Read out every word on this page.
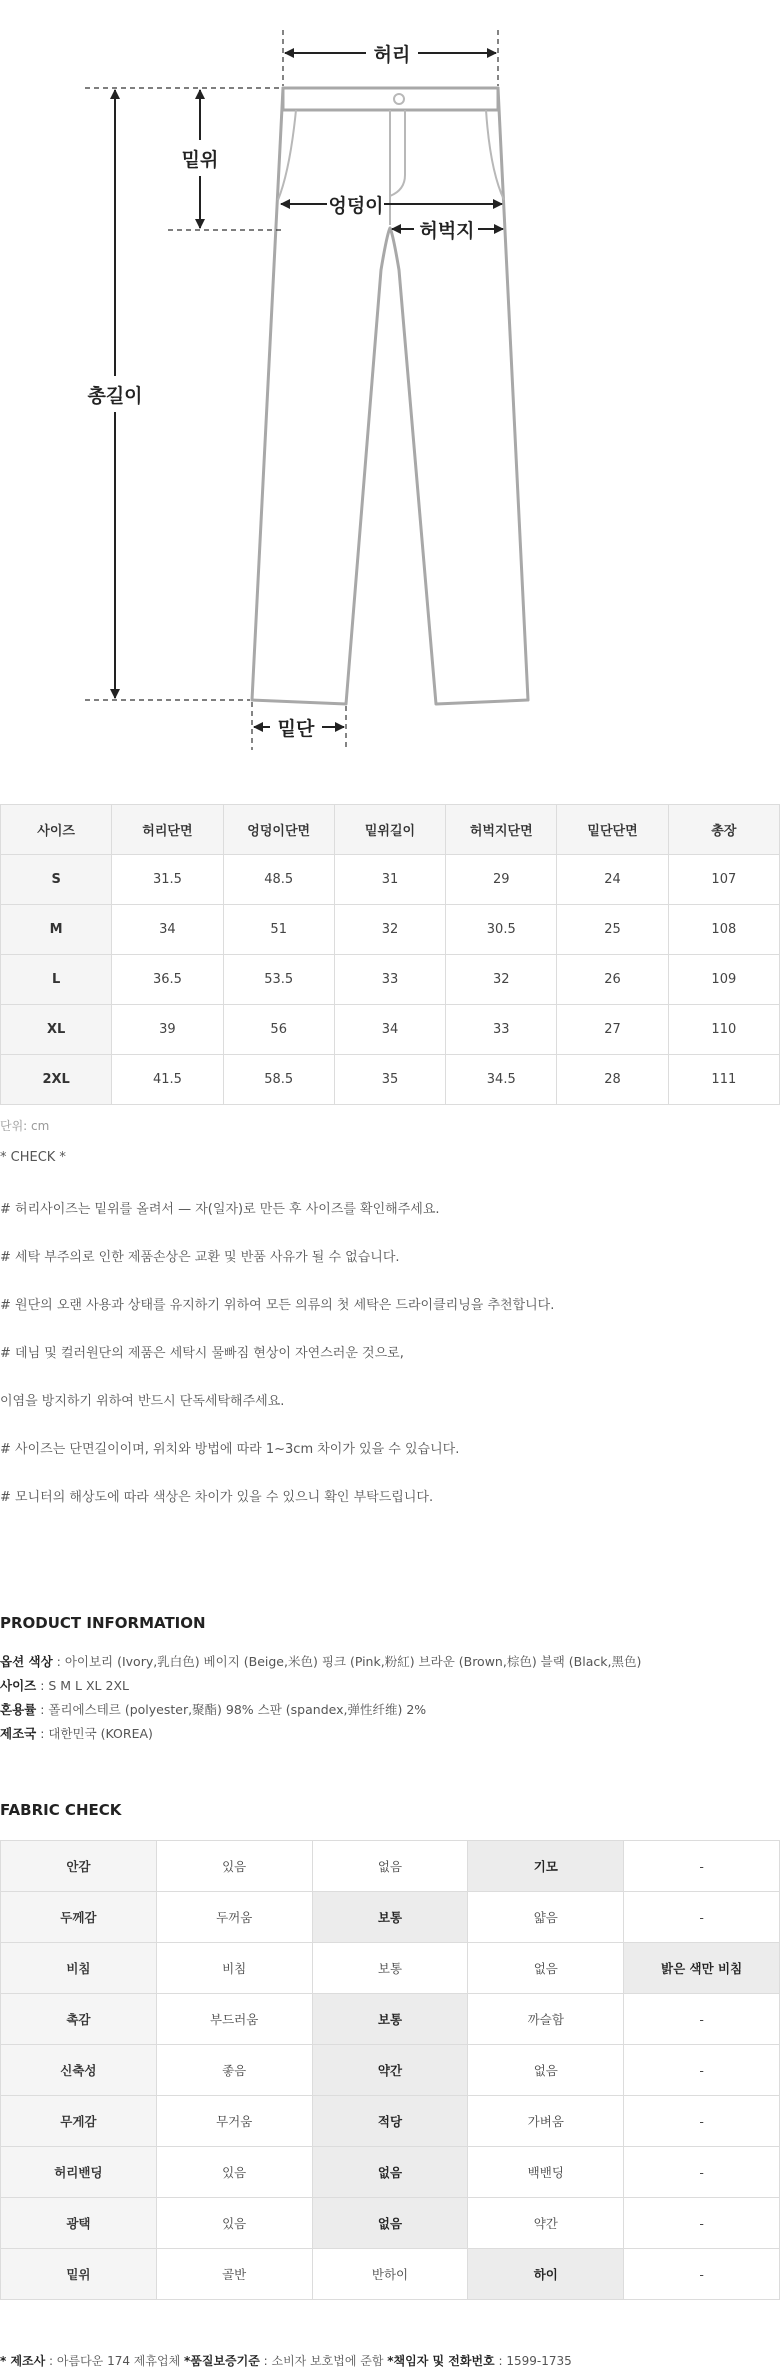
허리
밑위
엉덩이
허벅지
총길이
밑단
사이즈	허리단면	엉덩이단면	밑위길이	허벅지단면	밑단단면	총장
S	31.5	48.5	31	29	24	107
M	34	51	32	30.5	25	108
L	36.5	53.5	33	32	26	109
XL	39	56	34	33	27	110
2XL	41.5	58.5	35	34.5	28	111
단위: cm

* CHECK *

# 허리사이즈는 밑위를 올려서 — 자(일자)로 만든 후 사이즈를 확인해주세요.

# 세탁 부주의로 인한 제품손상은 교환 및 반품 사유가 될 수 없습니다.

# 원단의 오랜 사용과 상태를 유지하기 위하여 모든 의류의 첫 세탁은 드라이클리닝을 추천합니다.

# 데님 및 컬러원단의 제품은 세탁시 물빠짐 현상이 자연스러운 것으로,

이염을 방지하기 위하여 반드시 단독세탁해주세요.

# 사이즈는 단면길이이며, 위치와 방법에 따라 1~3cm 차이가 있을 수 있습니다.

# 모니터의 해상도에 따라 색상은 차이가 있을 수 있으니 확인 부탁드립니다.

PRODUCT INFORMATION

옵션 색상 : 아이보리 (Ivory,乳白色) 베이지 (Beige,米色) 핑크 (Pink,粉紅) 브라운 (Brown,棕色) 블랙 (Black,黑色)

사이즈 : S M L XL 2XL

혼용률 : 폴리에스테르 (polyester,聚酯) 98% 스판 (spandex,弹性纤维) 2%

제조국 : 대한민국 (KOREA)

FABRIC CHECK
안감	있음	없음	기모	-
두께감	두꺼움	보통	얇음	-
비침	비침	보통	없음	밝은 색만 비침
촉감	부드러움	보통	까슬함	-
신축성	좋음	약간	없음	-
무게감	무거움	적당	가벼움	-
허리밴딩	있음	없음	백밴딩	-
광택	있음	없음	약간	-
밑위	골반	반하이	하이	-
* 제조사 : 아름다운 174 제휴업체 *품질보증기준 : 소비자 보호법에 준함 *책임자 및 전화번호 : 1599-1735
